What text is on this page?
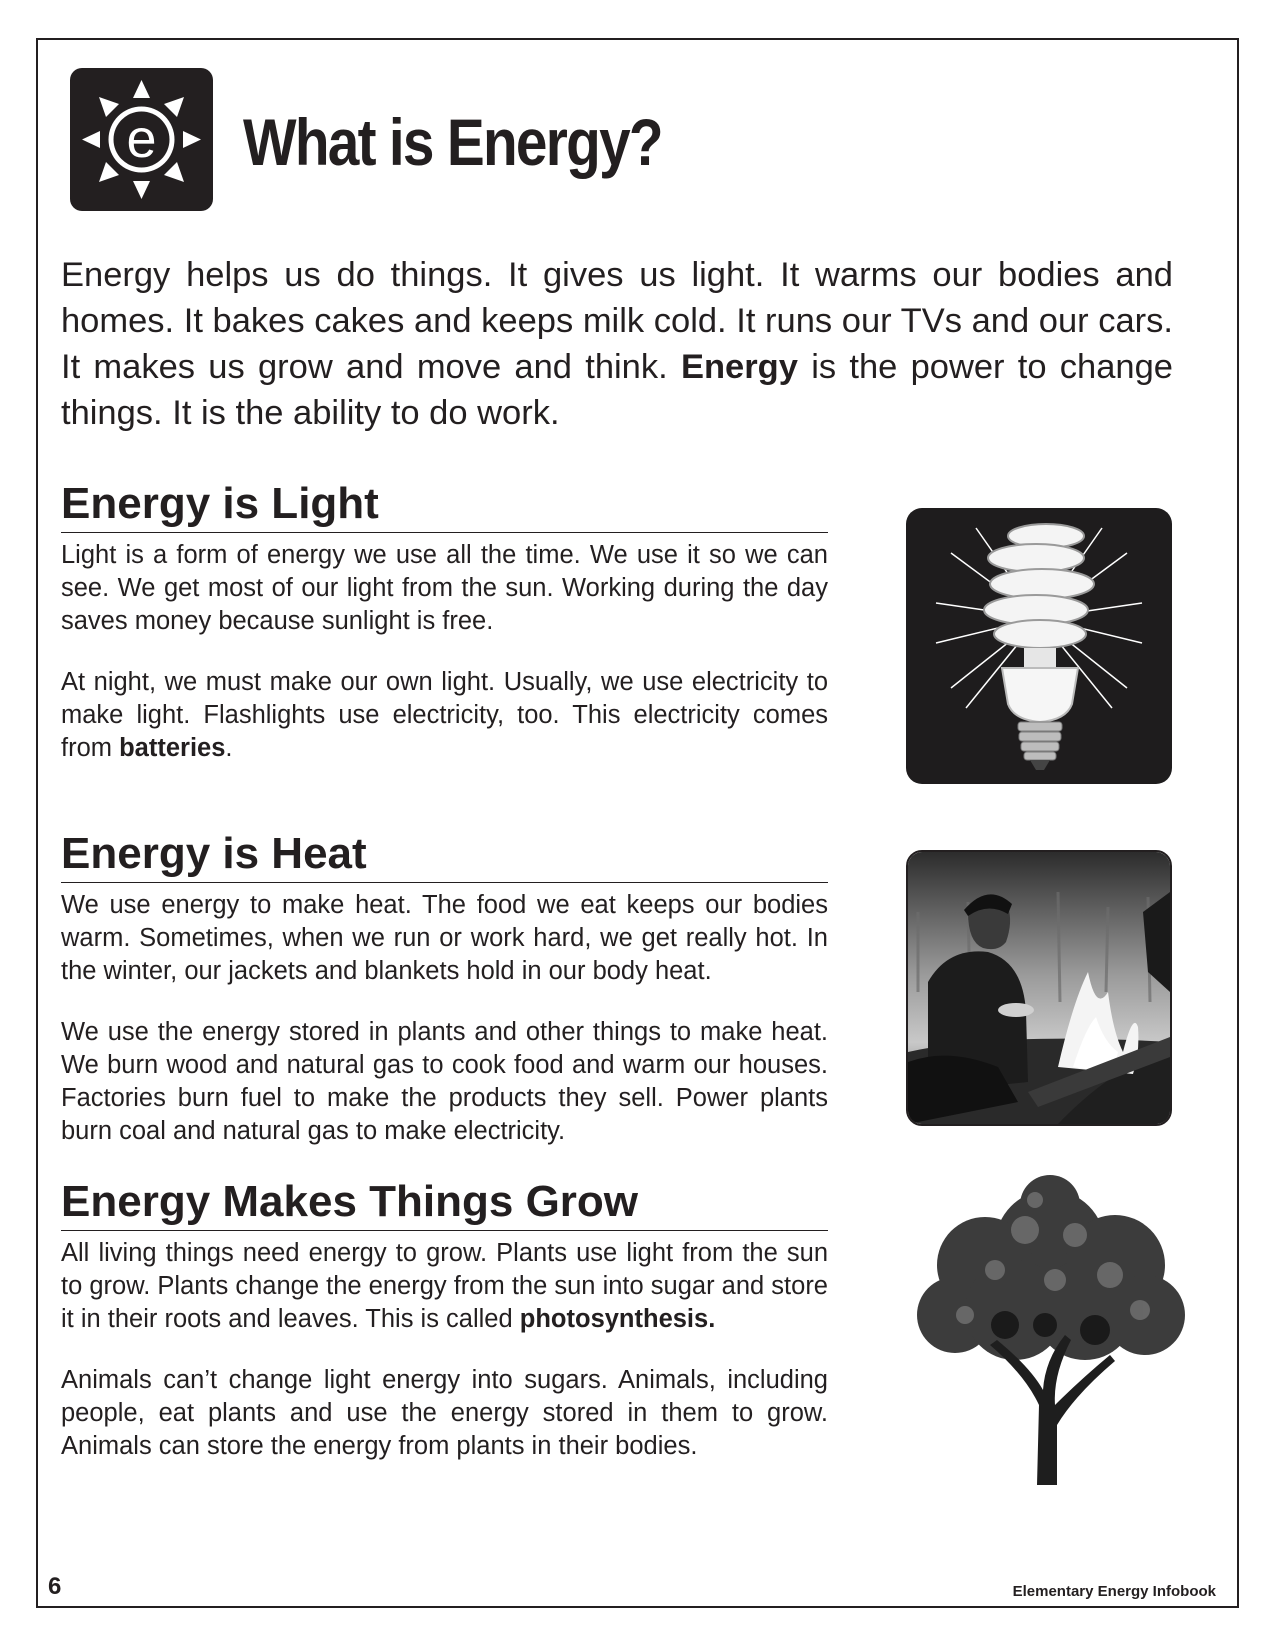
e What is Energy?

Energy helps us do things. It gives us light. It warms our bodies and homes. It bakes cakes and keeps milk cold. It runs our TVs and our cars. It makes us grow and move and think. Energy is the power to change things. It is the ability to do work.

Energy is Light

Light is a form of energy we use all the time. We use it so we can see. We get most of our light from the sun. Working during the day saves money because sunlight is free.

At night, we must make our own light. Usually, we use electricity to make light. Flashlights use electricity, too. This electricity comes from batteries.

Energy is Heat

We use energy to make heat. The food we eat keeps our bodies warm. Sometimes, when we run or work hard, we get really hot. In the winter, our jackets and blankets hold in our body heat.

We use the energy stored in plants and other things to make heat. We burn wood and natural gas to cook food and warm our houses. Factories burn fuel to make the products they sell. Power plants burn coal and natural gas to make electricity.

Energy Makes Things Grow

All living things need energy to grow. Plants use light from the sun to grow. Plants change the energy from the sun into sugar and store it in their roots and leaves. This is called photosynthesis.

Animals can’t change light energy into sugars. Animals, including people, eat plants and use the energy stored in them to grow. Animals can store the energy from plants in their bodies.

6	Elementary Energy Infobook
